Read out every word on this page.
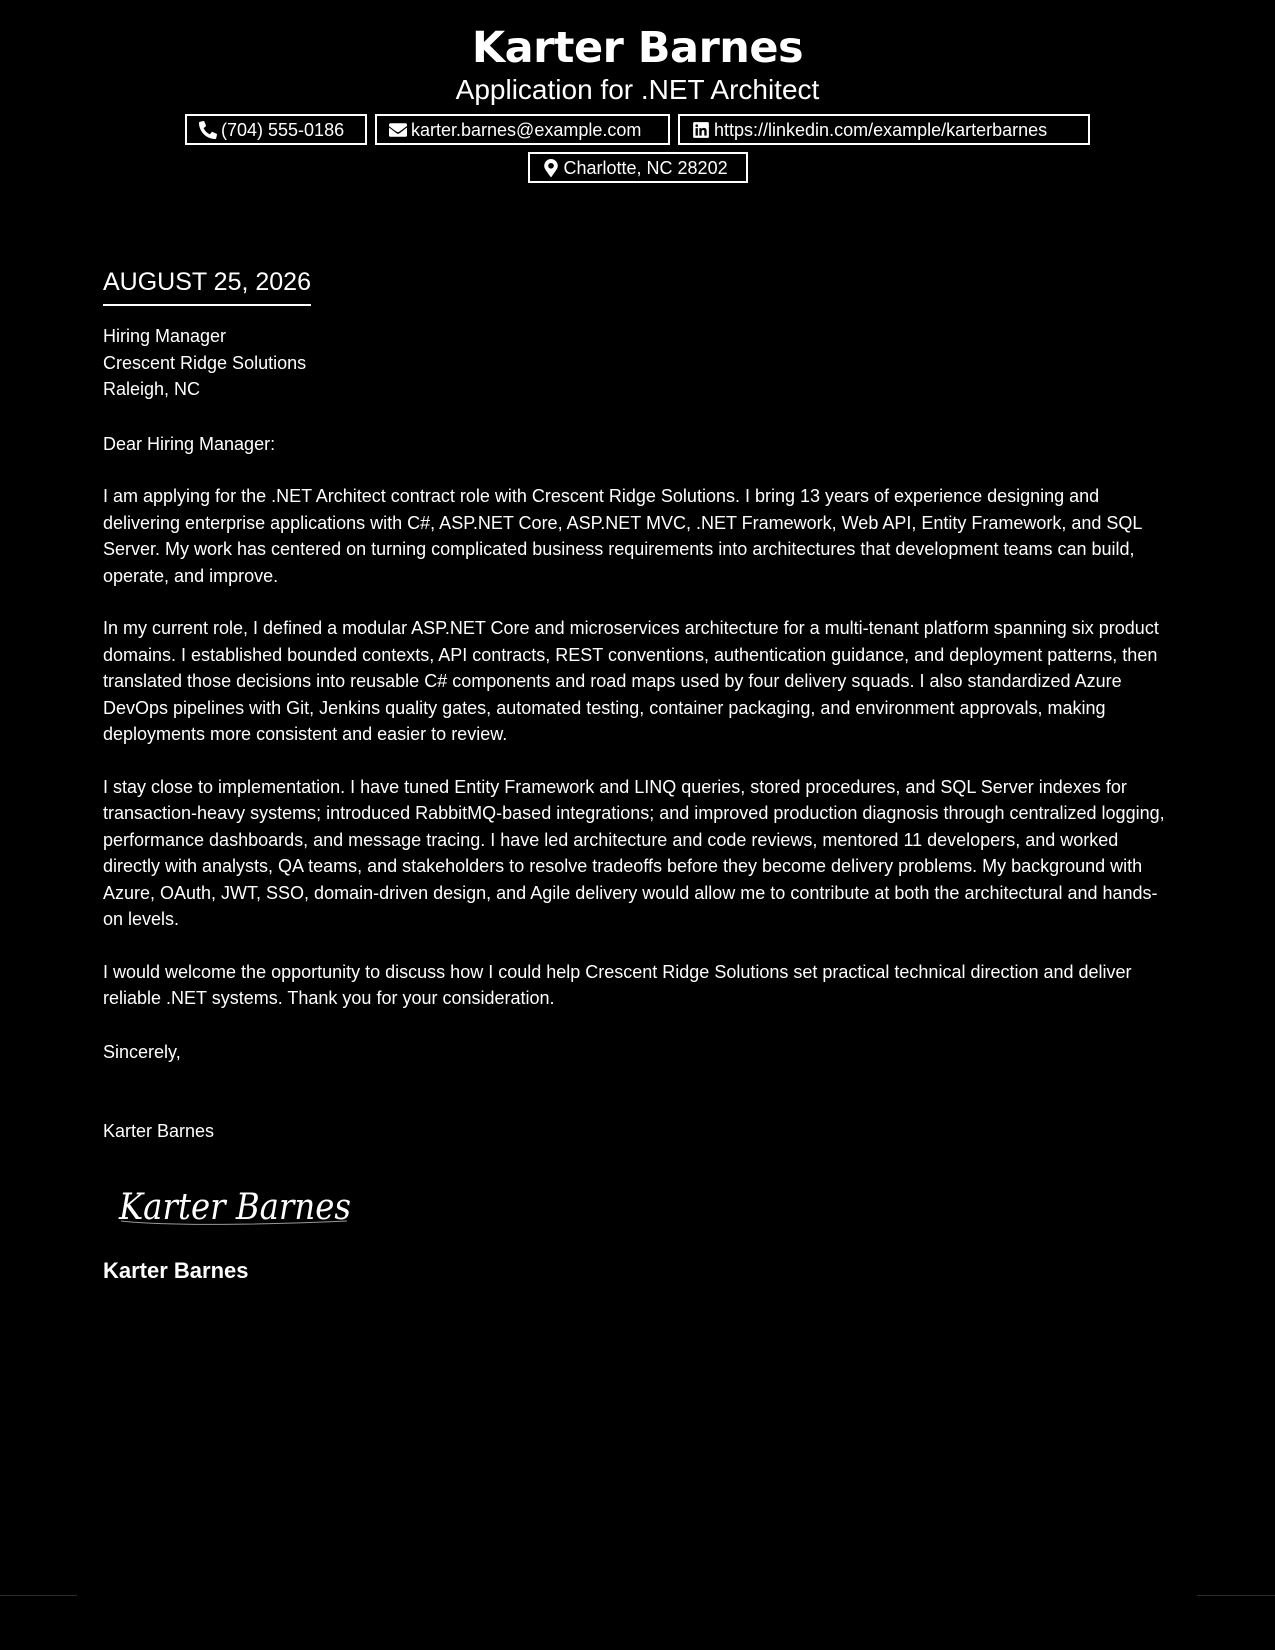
Karter Barnes
Application for .NET Architect
(704) 555-0186	karter.barnes@example.com	https://linkedin.com/example/karterbarnes
Charlotte, NC 28202
AUGUST 25, 2026
Hiring Manager
Crescent Ridge Solutions
Raleigh, NC
Dear Hiring Manager:

I am applying for the .NET Architect contract role with Crescent Ridge Solutions. I bring 13 years of experience designing and delivering enterprise applications with C#, ASP.NET Core, ASP.NET MVC, .NET Framework, Web API, Entity Framework, and SQL Server. My work has centered on turning complicated business requirements into architectures that development teams can build, operate, and improve.

In my current role, I defined a modular ASP.NET Core and microservices architecture for a multi-tenant platform spanning six product domains. I established bounded contexts, API contracts, REST conventions, authentication guidance, and deployment patterns, then translated those decisions into reusable C# components and road maps used by four delivery squads. I also standardized Azure DevOps pipelines with Git, Jenkins quality gates, automated testing, container packaging, and environment approvals, making deployments more consistent and easier to review.

I stay close to implementation. I have tuned Entity Framework and LINQ queries, stored procedures, and SQL Server indexes for transaction-heavy systems; introduced RabbitMQ-based integrations; and improved production diagnosis through centralized logging, performance dashboards, and message tracing. I have led architecture and code reviews, mentored 11 developers, and worked directly with analysts, QA teams, and stakeholders to resolve tradeoffs before they become delivery problems. My background with Azure, OAuth, JWT, SSO, domain-driven design, and Agile delivery would allow me to contribute at both the architectural and hands-on levels.

I would welcome the opportunity to discuss how I could help Crescent Ridge Solutions set practical technical direction and deliver reliable .NET systems. Thank you for your consideration.

Sincerely,
Karter Barnes
Karter Barnes
Karter Barnes
